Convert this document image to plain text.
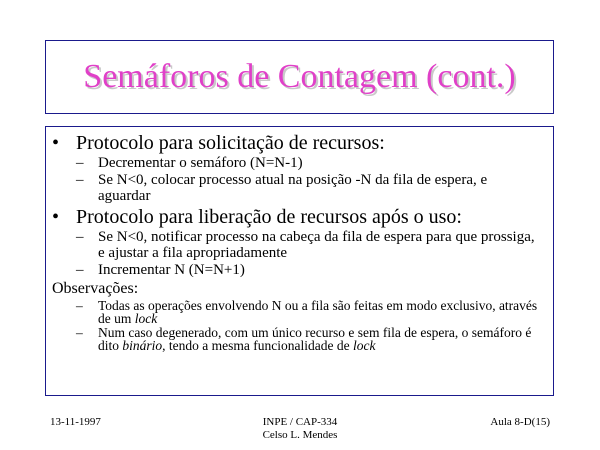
Semáforos de Contagem (cont.)
• Protocolo para solicitação de recursos:
– Decrementar o semáforo (N=N-1)
– Se N<0, colocar processo atual na posição -N da fila de espera, e aguardar
• Protocolo para liberação de recursos após o uso:
– Se N<0, notificar processo na cabeça da fila de espera para que prossiga, e ajustar a fila apropriadamente
– Incrementar N (N=N+1)
Observações:
–	Todas as operações envolvendo N ou a fila são feitas em modo exclusivo, através de um lock
–	Num caso degenerado, com um único recurso e sem fila de espera, o semáforo é dito binário, tendo a mesma funcionalidade de lock
13-11-1997	INPE / CAP-334
Celso L. Mendes
Aula 8-D(15)
